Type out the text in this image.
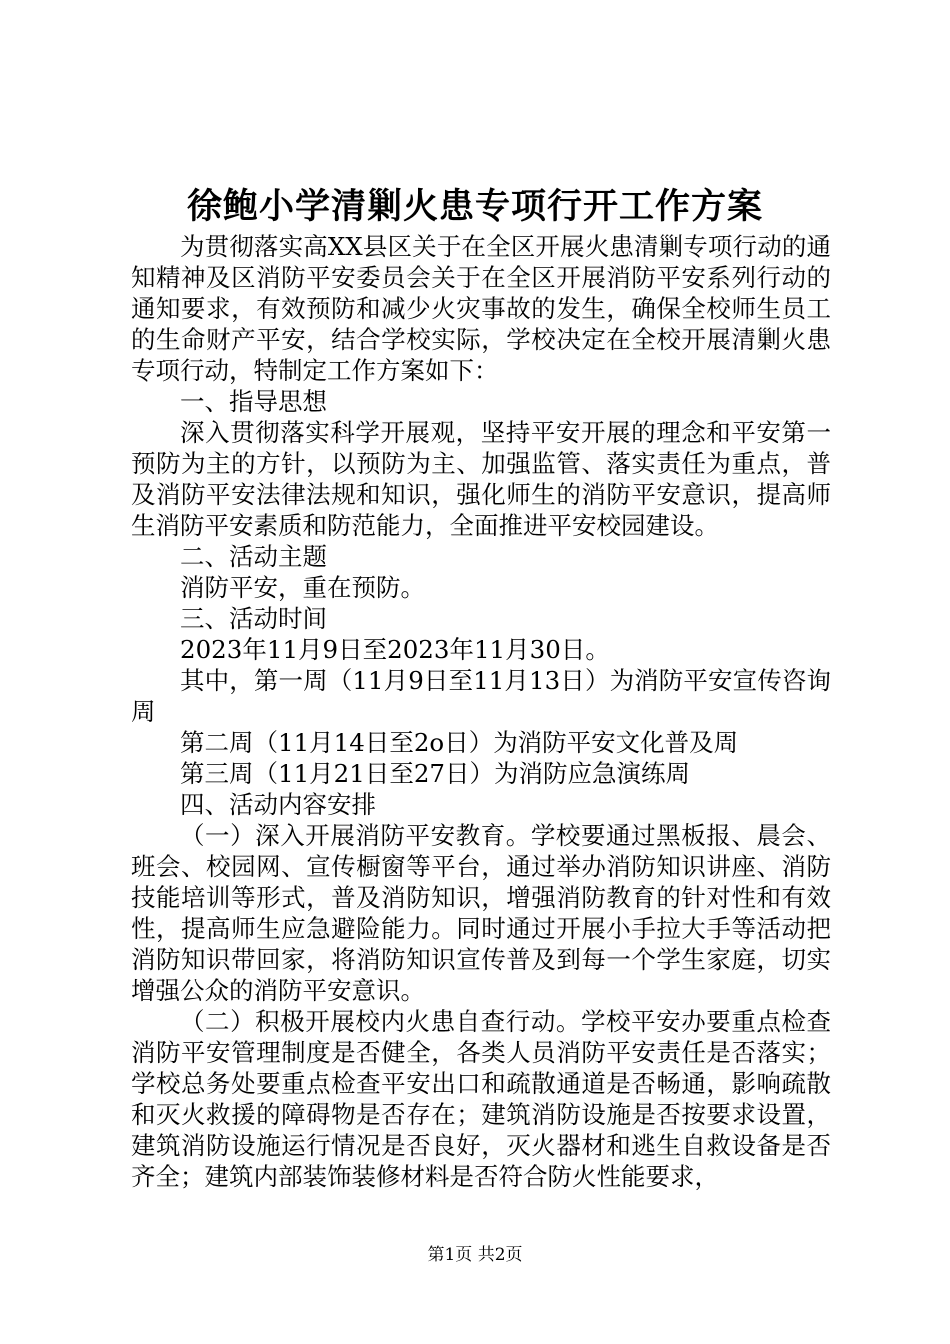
徐鲍小学清剿火患专项行开工作方案

为贯彻落实高XX县区关于在全区开展火患清剿专项行动的通知精神及区消防平安委员会关于在全区开展消防平安系列行动的通知要求，有效预防和减少火灾事故的发生，确保全校师生员工的生命财产平安，结合学校实际，学校决定在全校开展清剿火患专项行动，特制定工作方案如下：

一、指导思想

深入贯彻落实科学开展观，坚持平安开展的理念和平安第一预防为主的方针，以预防为主、加强监管、落实责任为重点，普及消防平安法律法规和知识，强化师生的消防平安意识，提高师生消防平安素质和防范能力，全面推进平安校园建设。

二、活动主题

消防平安，重在预防。

三、活动时间

2023年11月9日至2023年11月30日。

其中，第一周（11月9日至11月13日）为消防平安宣传咨询周

第二周（11月14日至2o日）为消防平安文化普及周

第三周（11月21日至27日）为消防应急演练周

四、活动内容安排

（一）深入开展消防平安教育。学校要通过黑板报、晨会、班会、校园网、宣传橱窗等平台，通过举办消防知识讲座、消防技能培训等形式，普及消防知识，增强消防教育的针对性和有效性，提高师生应急避险能力。同时通过开展小手拉大手等活动把消防知识带回家，将消防知识宣传普及到每一个学生家庭，切实增强公众的消防平安意识。

（二）积极开展校内火患自查行动。学校平安办要重点检查消防平安管理制度是否健全，各类人员消防平安责任是否落实；学校总务处要重点检查平安出口和疏散通道是否畅通，影响疏散和灭火救援的障碍物是否存在；建筑消防设施是否按要求设置，建筑消防设施运行情况是否良好，灭火器材和逃生自救设备是否齐全；建筑内部装饰装修材料是否符合防火性能要求，

第1页 共2页
